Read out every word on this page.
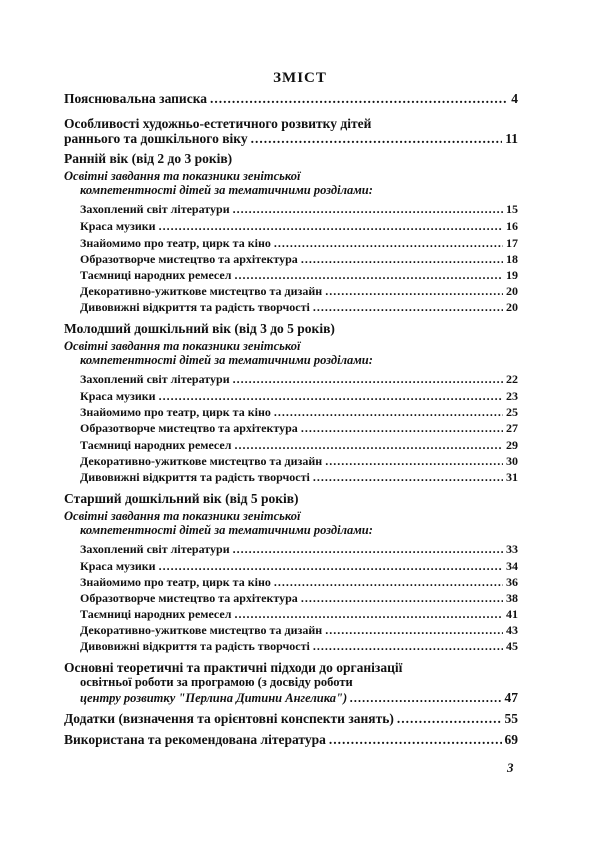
ЗМІСТ
Пояснювальна записка .....	4
Особливості художньо-естетичного розвитку дітей
раннього та дошкільного віку .....	11
Ранній вік (від 2 до 3 років)
Освітні завдання та показники зенітської
компетентності дітей за тематичними розділами:
Захоплений світ літератури .....	15
Краса музики .....	16
Знайомимо про театр, цирк та кіно .....	17
Образотворче мистецтво та архітектура .....	18
Таємниці народних ремесел .....	19
Декоративно-ужиткове мистецтво та дизайн .....	20
Дивовижні відкриття та радість творчості .....	20
Молодший дошкільний вік (від 3 до 5 років)
Освітні завдання та показники зенітської
компетентності дітей за тематичними розділами:
Захоплений світ літератури .....	22
Краса музики .....	23
Знайомимо про театр, цирк та кіно .....	25
Образотворче мистецтво та архітектура .....	27
Таємниці народних ремесел .....	29
Декоративно-ужиткове мистецтво та дизайн .....	30
Дивовижні відкриття та радість творчості .....	31
Старший дошкільний вік (від 5 років)
Освітні завдання та показники зенітської
компетентності дітей за тематичними розділами:
Захоплений світ літератури .....	33
Краса музики .....	34
Знайомимо про театр, цирк та кіно .....	36
Образотворче мистецтво та архітектура .....	38
Таємниці народних ремесел .....	41
Декоративно-ужиткове мистецтво та дизайн .....	43
Дивовижні відкриття та радість творчості .....	45
Основні теоретичні та практичні підходи до організації
освітньої роботи за програмою (з досвіду роботи
центру розвитку "Перлина Дитини Ангелика") .....	47
Додатки (визначення та орієнтовні конспекти занять) .....	55
Використана та рекомендована література .....	69
3
